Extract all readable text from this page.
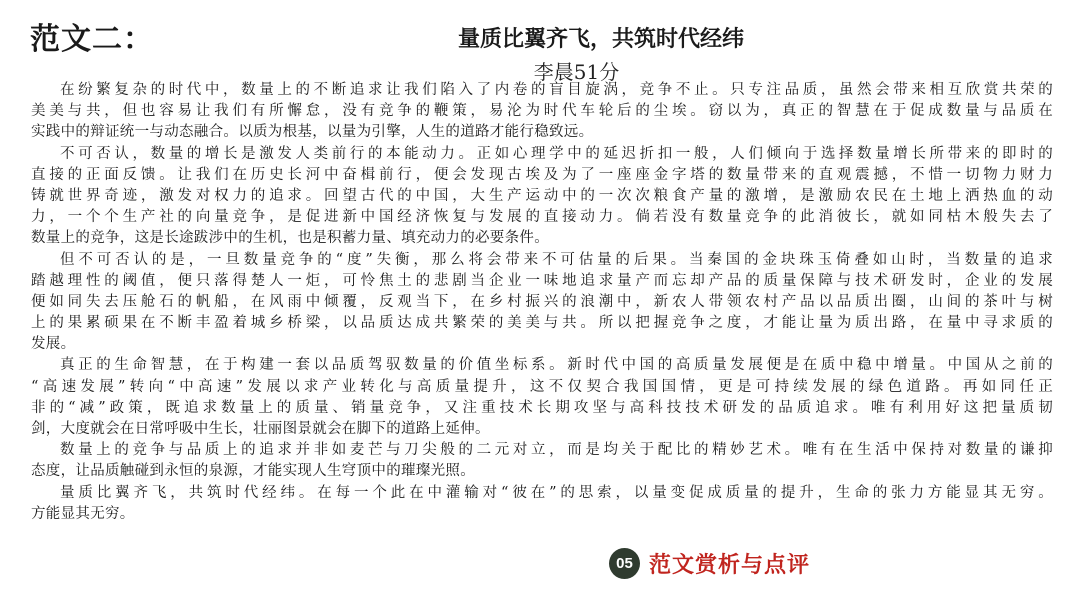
范文二：	量质比翼齐飞，共筑时代经纬
李晨51分
在纷繁复杂的时代中，数量上的不断追求让我们陷入了内卷的盲目旋涡，竞争不止。只专注品质，虽然会带来相互欣赏共荣的
美美与共，但也容易让我们有所懈怠，没有竞争的鞭策，易沦为时代车轮后的尘埃。窃以为，真正的智慧在于促成数量与品质在
实践中的辩证统一与动态融合。以质为根基，以量为引擎，人生的道路才能行稳致远。
不可否认，数量的增长是激发人类前行的本能动力。正如心理学中的延迟折扣一般，人们倾向于选择数量增长所带来的即时的
直接的正面反馈。让我们在历史长河中奋楫前行，便会发现古埃及为了一座座金字塔的数量带来的直观震撼，不惜一切物力财力
铸就世界奇迹，激发对权力的追求。回望古代的中国，大生产运动中的一次次粮食产量的激增，是激励农民在土地上洒热血的动
力，一个个生产社的向量竞争，是促进新中国经济恢复与发展的直接动力。倘若没有数量竞争的此消彼长，就如同枯木般失去了
数量上的竞争，这是长途跋涉中的生机，也是积蓄力量、填充动力的必要条件。
但不可否认的是，一旦数量竞争的“度”失衡，那么将会带来不可估量的后果。当秦国的金块珠玉倚叠如山时，当数量的追求
踏越理性的阈值，便只落得楚人一炬，可怜焦土的悲剧当企业一味地追求量产而忘却产品的质量保障与技术研发时，企业的发展
便如同失去压舱石的帆船，在风雨中倾覆，反观当下，在乡村振兴的浪潮中，新农人带领农村产品以品质出圈，山间的茶叶与树
上的果累硕果在不断丰盈着城乡桥梁，以品质达成共繁荣的美美与共。所以把握竞争之度，才能让量为质出路，在量中寻求质的
发展。
真正的生命智慧，在于构建一套以品质驾驭数量的价值坐标系。新时代中国的高质量发展便是在质中稳中增量。中国从之前的
“高速发展”转向“中高速”发展以求产业转化与高质量提升，这不仅契合我国国情，更是可持续发展的绿色道路。再如同任正
非的“减”政策，既追求数量上的质量、销量竞争，又注重技术长期攻坚与高科技技术研发的品质追求。唯有利用好这把量质韧
剑，大度就会在日常呼吸中生长，壮丽图景就会在脚下的道路上延伸。
数量上的竞争与品质上的追求并非如麦芒与刀尖般的二元对立，而是均关于配比的精妙艺术。唯有在生活中保持对数量的谦抑
态度，让品质触碰到永恒的泉源，才能实现人生穹顶中的璀璨光照。
量质比翼齐飞，共筑时代经纬。在每一个此在中灌输对“彼在”的思索，以量变促成质量的提升，生命的张力方能显其无穷。
方能显其无穷。
05 范文赏析与点评
